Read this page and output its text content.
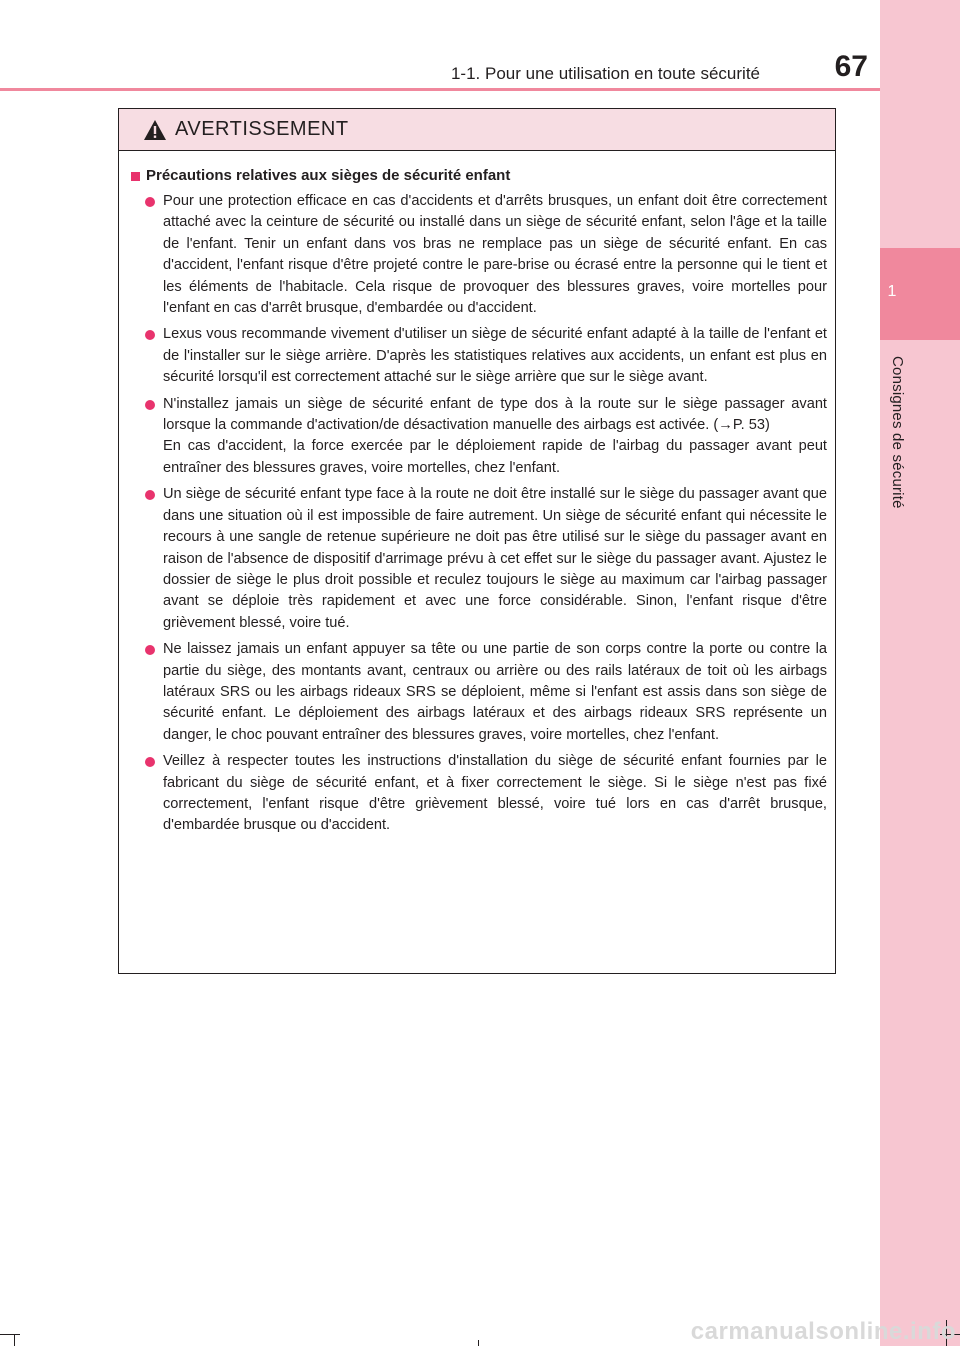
1
Consignes de sécurité
1-1. Pour une utilisation en toute sécurité	67
AVERTISSEMENT
Précautions relatives aux sièges de sécurité enfant

Pour une protection efficace en cas d'accidents et d'arrêts brusques, un enfant doit être correctement attaché avec la ceinture de sécurité ou installé dans un siège de sécurité enfant, selon l'âge et la taille de l'enfant. Tenir un enfant dans vos bras ne remplace pas un siège de sécurité enfant. En cas d'accident, l'enfant risque d'être projeté contre le pare-brise ou écrasé entre la personne qui le tient et les éléments de l'habitacle. Cela risque de provoquer des blessures graves, voire mortelles pour l'enfant en cas d'arrêt brusque, d'embardée ou d'accident.

Lexus vous recommande vivement d'utiliser un siège de sécurité enfant adapté à la taille de l'enfant et de l'installer sur le siège arrière. D'après les statistiques relatives aux accidents, un enfant est plus en sécurité lorsqu'il est correctement attaché sur le siège arrière que sur le siège avant.

N'installez jamais un siège de sécurité enfant de type dos à la route sur le siège passager avant lorsque la commande d'activation/de désactivation manuelle des airbags est activée. (→P. 53)

En cas d'accident, la force exercée par le déploiement rapide de l'airbag du passager avant peut entraîner des blessures graves, voire mortelles, chez l'enfant.

Un siège de sécurité enfant type face à la route ne doit être installé sur le siège du passager avant que dans une situation où il est impossible de faire autrement. Un siège de sécurité enfant qui nécessite le recours à une sangle de retenue supérieure ne doit pas être utilisé sur le siège du passager avant en raison de l'absence de dispositif d'arrimage prévu à cet effet sur le siège du passager avant. Ajustez le dossier de siège le plus droit possible et reculez toujours le siège au maximum car l'airbag passager avant se déploie très rapidement et avec une force considérable. Sinon, l'enfant risque d'être grièvement blessé, voire tué.

Ne laissez jamais un enfant appuyer sa tête ou une partie de son corps contre la porte ou contre la partie du siège, des montants avant, centraux ou arrière ou des rails latéraux de toit où les airbags latéraux SRS ou les airbags rideaux SRS se déploient, même si l'enfant est assis dans son siège de sécurité enfant. Le déploiement des airbags latéraux et des airbags rideaux SRS représente un danger, le choc pouvant entraîner des blessures graves, voire mortelles, chez l'enfant.

Veillez à respecter toutes les instructions d'installation du siège de sécurité enfant fournies par le fabricant du siège de sécurité enfant, et à fixer correctement le siège. Si le siège n'est pas fixé correctement, l'enfant risque d'être grièvement blessé, voire tué lors en cas d'arrêt brusque, d'embardée brusque ou d'accident.

carmanualsonline.info
